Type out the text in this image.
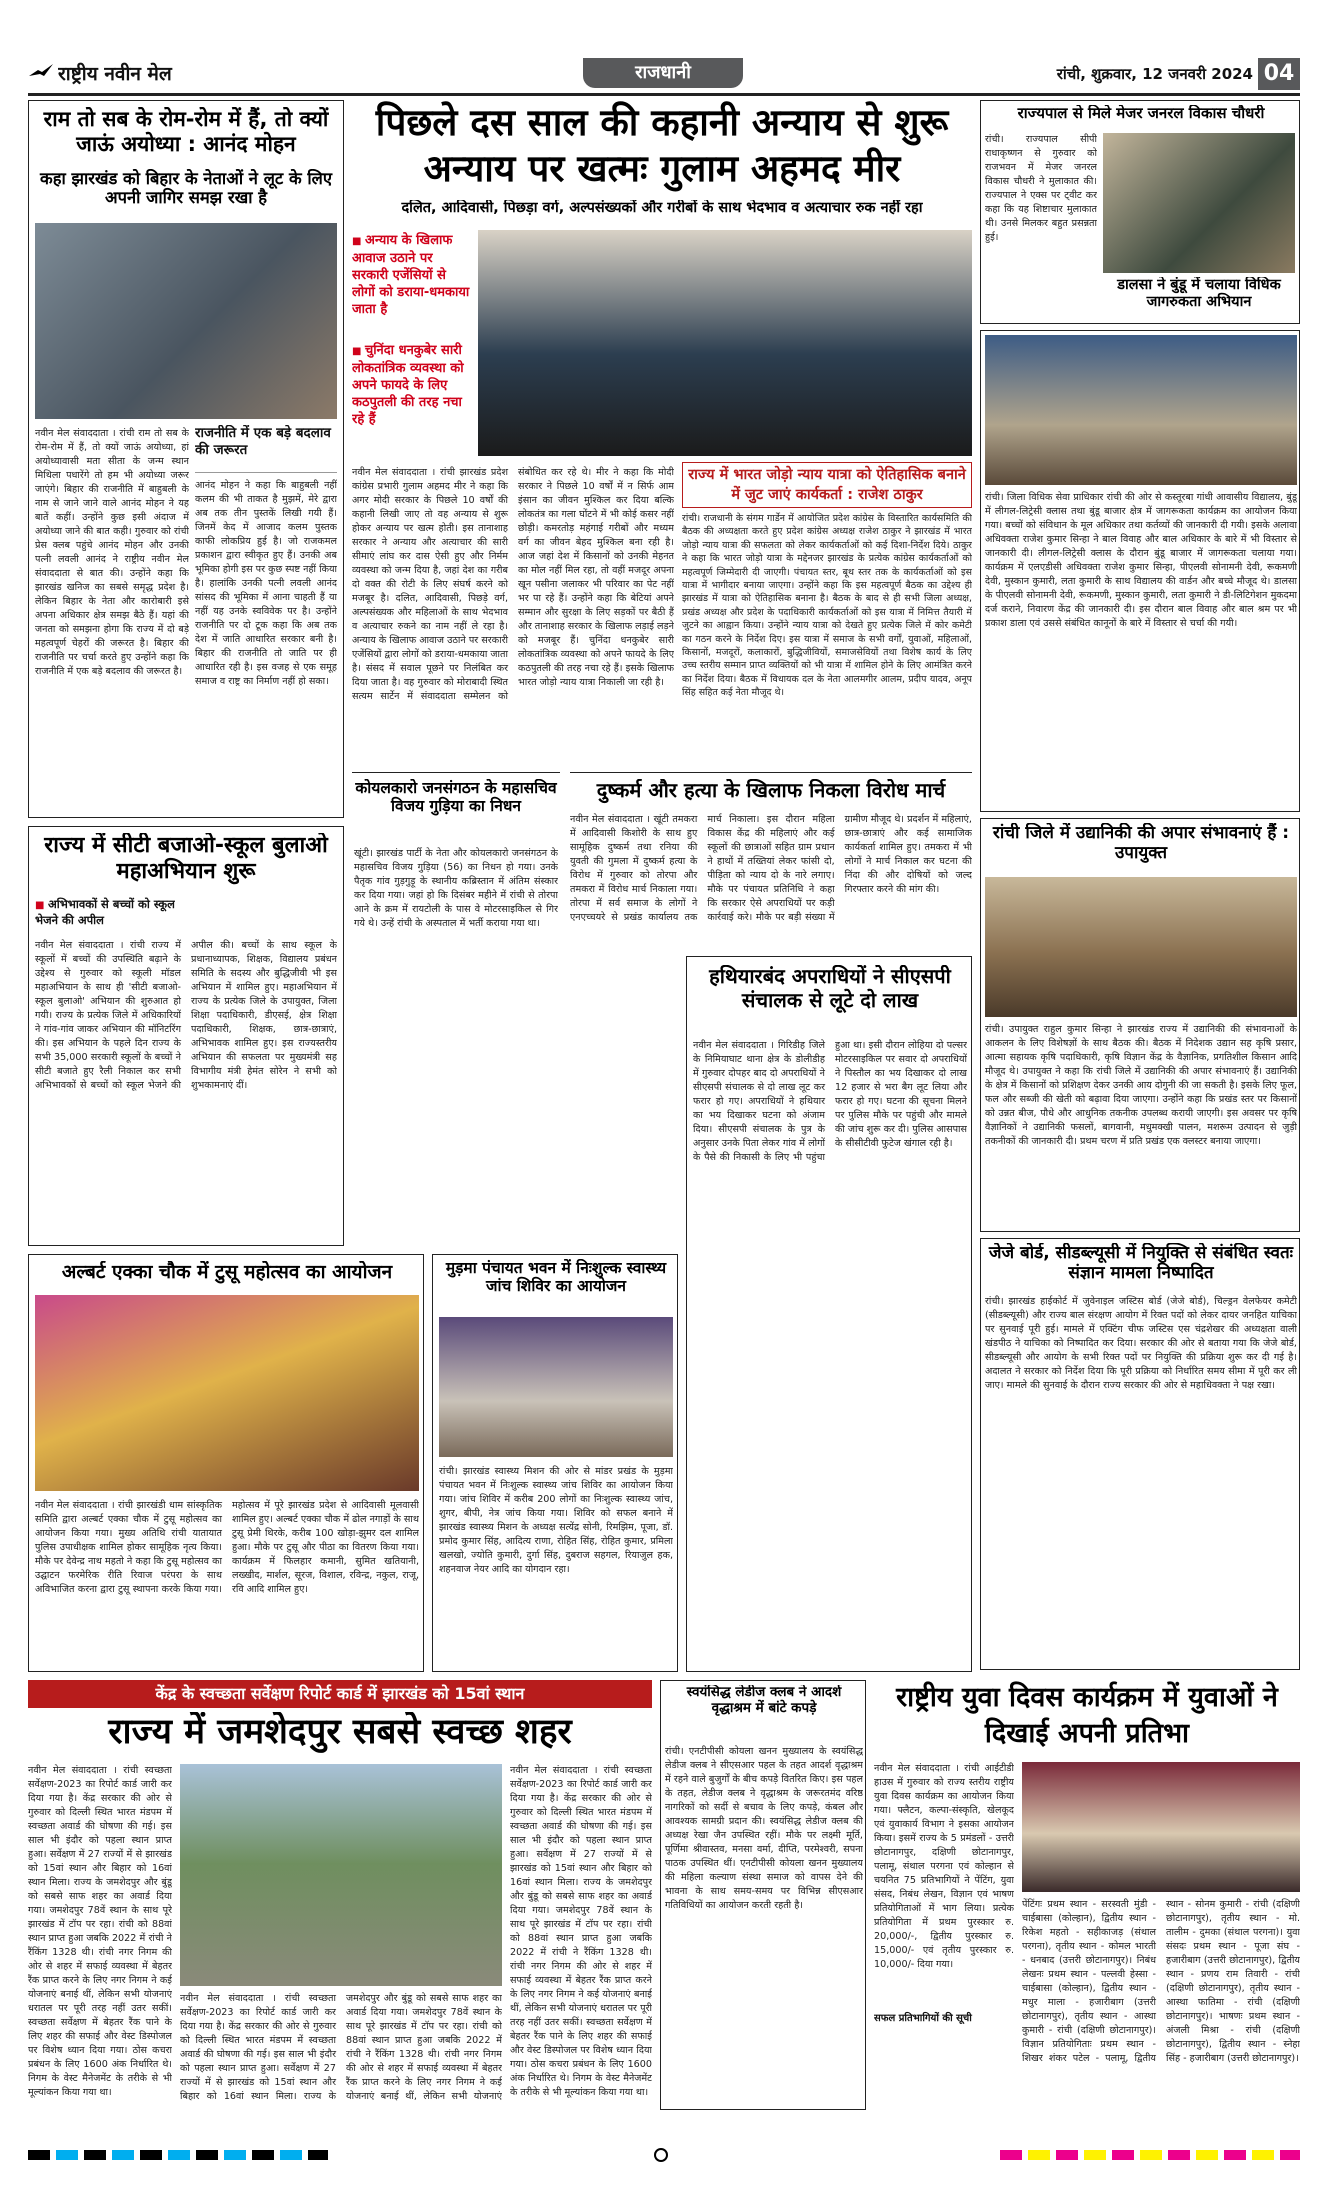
राष्ट्रीय नवीन मेल	राजधानी	रांची, शुक्रवार, 12 जनवरी 2024 04
राम तो सब के रोम-रोम में हैं, तो क्यों जाऊं अयोध्या : आनंद मोहन
कहा झारखंड को बिहार के नेताओं ने लूट के लिए अपनी जागिर समझ रखा है
नवीन मेल संवाददाता । रांची राम तो सब के रोम-रोम में हैं, तो क्यों जाऊं अयोध्या, हां अयोध्यावासी मता सीता के जन्म स्थान मिथिला पधारेंगे तो हम भी अयोध्या जरूर जाएंगे। बिहार की राजनीति में बाहुबली के नाम से जाने जाने वाले आनंद मोहन ने यह बातें कहीं। उन्होंने कुछ इसी अंदाज में अयोध्या जाने की बात कही। गुरुवार को रांची प्रेस क्लब पहुंचे आनंद मोहन और उनकी पत्नी लवली आनंद ने राष्ट्रीय नवीन मेल संवाददाता से बात की। उन्होंने कहा कि झारखंड खनिज का सबसे समृद्ध प्रदेश है। लेकिन बिहार के नेता और कारोबारी इसे अपना अधिकार क्षेत्र समझ बैठे हैं। यहां की जनता को समझना होगा कि राज्य में दो बड़े महत्वपूर्ण चेहरों की जरूरत है। बिहार की राजनीति पर चर्चा करते हुए उन्होंने कहा कि राजनीति में एक बड़े बदलाव की जरूरत है।
राजनीति में एक बड़े बदलाव की जरूरत
आनंद मोहन ने कहा कि बाहुबली नहीं कलम की भी ताकत है मुझमें, मेरे द्वारा अब तक तीन पुस्तकें लिखी गयी हैं। जिनमें केद में आजाद कलम पुस्तक काफी लोकप्रिय हुई है। जो राजकमल प्रकाशन द्वारा स्वीकृत हुए हैं। उनकी अब भूमिका होगी इस पर कुछ स्पष्ट नहीं किया है। हालांकि उनकी पत्नी लवली आनंद सांसद की भूमिका में आना चाहती हैं या नहीं यह उनके स्वविवेक पर है। उन्होंने राजनीति पर दो टूक कहा कि अब तक देश में जाति आधारित सरकार बनी है। बिहार की राजनीति तो जाति पर ही आधारित रही है। इस वजह से एक समूह समाज व राष्ट्र का निर्माण नहीं हो सका।
राज्य में सीटी बजाओ-स्कूल बुलाओ महाअभियान शुरू
■ अभिभावकों से बच्चों को स्कूल भेजने की अपील
नवीन मेल संवाददाता । रांची राज्य में स्कूलों में बच्चों की उपस्थिति बढ़ाने के उद्देश्य से गुरुवार को स्कूली मॉडल महाअभियान के साथ ही 'सीटी बजाओ-स्कूल बुलाओ' अभियान की शुरुआत हो गयी। राज्य के प्रत्येक जिले में अधिकारियों ने गांव-गांव जाकर अभियान की मॉनिटरिंग की। इस अभियान के पहले दिन राज्य के सभी 35,000 सरकारी स्कूलों के बच्चों ने सीटी बजाते हुए रैली निकाल कर सभी अभिभावकों से बच्चों को स्कूल भेजने की अपील की। बच्चों के साथ स्कूल के प्रधानाध्यापक, शिक्षक, विद्यालय प्रबंधन समिति के सदस्य और बुद्धिजीवी भी इस अभियान में शामिल हुए। महाअभियान में राज्य के प्रत्येक जिले के उपायुक्त, जिला शिक्षा पदाधिकारी, डीएसई, क्षेत्र शिक्षा पदाधिकारी, शिक्षक, छात्र-छात्राएं, अभिभावक शामिल हुए। इस राज्यस्तरीय अभियान की सफलता पर मुख्यमंत्री सह विभागीय मंत्री हेमंत सोरेन ने सभी को शुभकामनाएं दीं।
अल्बर्ट एक्का चौक में टुसू महोत्सव का आयोजन
नवीन मेल संवाददाता । रांची झारखंडी धाम सांस्कृतिक समिति द्वारा अल्बर्ट एक्का चौक में टुसू महोत्सव का आयोजन किया गया। मुख्य अतिथि रांची यातायात पुलिस उपाधीक्षक शामिल होकर सामूहिक नृत्य किया। मौके पर देवेन्द्र नाथ महतो ने कहा कि टुसू महोत्सव का उद्घाटन फरमेरिक रीति रिवाज परंपरा के साथ अविभाजित करना द्वारा टुसू स्थापना करके किया गया। महोत्सव में पूरे झारखंड प्रदेश से आदिवासी मूलवासी शामिल हुए। अल्बर्ट एक्का चौक में ढोल नगाड़ों के साथ टुसू प्रेमी थिरके, करीब 100 खोड़ा-झुमर दल शामिल हुआ। मौके पर टुसू और पीठा का वितरण किया गया। कार्यक्रम में फिलहार कमानी, सुमित खतियानी, लख्खीद, मार्शल, सूरज, विशाल, रविन्द्र, नकुल, राजू, रवि आदि शामिल हुए।
पिछले दस साल की कहानी अन्याय से शुरू अन्याय पर खत्मः गुलाम अहमद मीर
दलित, आदिवासी, पिछड़ा वर्ग, अल्पसंख्यकों और गरीबों के साथ भेदभाव व अत्याचार रुक नहीं रहा
■ अन्याय के खिलाफ आवाज उठाने पर सरकारी एजेंसियों से लोगों को डराया-धमकाया जाता है
■ चुनिंदा धनकुबेर सारी लोकतांत्रिक व्यवस्था को अपने फायदे के लिए कठपुतली की तरह नचा रहे हैं
नवीन मेल संवाददाता । रांची झारखंड प्रदेश कांग्रेस प्रभारी गुलाम अहमद मीर ने कहा कि अगर मोदी सरकार के पिछले 10 वर्षों की कहानी लिखी जाए तो वह अन्याय से शुरू होकर अन्याय पर खत्म होती। इस तानाशाह सरकार ने अन्याय और अत्याचार की सारी सीमाएं लांघ कर दास ऐसी हुए और निर्मम व्यवस्था को जन्म दिया है, जहां देश का गरीब दो वक्त की रोटी के लिए संघर्ष करने को मजबूर है। दलित, आदिवासी, पिछड़े वर्ग, अल्पसंख्यक और महिलाओं के साथ भेदभाव व अत्याचार रुकने का नाम नहीं ले रहा है। अन्याय के खिलाफ आवाज उठाने पर सरकारी एजेंसियों द्वारा लोगों को डराया-धमकाया जाता है। संसद में सवाल पूछने पर निलंबित कर दिया जाता है। वह गुरुवार को मोराबादी स्थित सत्यम सार्टेन में संवाददाता सम्मेलन को संबोधित कर रहे थे। मीर ने कहा कि मोदी सरकार ने पिछले 10 वर्षों में न सिर्फ आम इंसान का जीवन मुश्किल कर दिया बल्कि लोकतंत्र का गला घोंटने में भी कोई कसर नहीं छोड़ी। कमरतोड़ महंगाई गरीबों और मध्यम वर्ग का जीवन बेहद मुश्किल बना रही है। आज जहां देश में किसानों को उनकी मेहनत का मोल नहीं मिल रहा, तो वहीं मजदूर अपना खून पसीना जलाकर भी परिवार का पेट नहीं भर पा रहे हैं। उन्होंने कहा कि बेटियां अपने सम्मान और सुरक्षा के लिए सड़कों पर बैठी हैं और तानाशाह सरकार के खिलाफ लड़ाई लड़ने को मजबूर हैं। चुनिंदा धनकुबेर सारी लोकतांत्रिक व्यवस्था को अपने फायदे के लिए कठपुतली की तरह नचा रहे हैं। इसके खिलाफ भारत जोड़ो न्याय यात्रा निकाली जा रही है।
राज्य में भारत जोड़ो न्याय यात्रा को ऐतिहासिक बनाने में जुट जाएं कार्यकर्ता : राजेश ठाकुर
रांची। राजधानी के संगम गार्डेन में आयोजित प्रदेश कांग्रेस के विस्तारित कार्यसमिति की बैठक की अध्यक्षता करते हुए प्रदेश कांग्रेस अध्यक्ष राजेश ठाकुर ने झारखंड में भारत जोड़ो न्याय यात्रा की सफलता को लेकर कार्यकर्ताओं को कई दिशा-निर्देश दिये। ठाकुर ने कहा कि भारत जोड़ो यात्रा के मद्देनजर झारखंड के प्रत्येक कांग्रेस कार्यकर्ताओं को महत्वपूर्ण जिम्मेदारी दी जाएगी। पंचायत स्तर, बूथ स्तर तक के कार्यकर्ताओं को इस यात्रा में भागीदार बनाया जाएगा। उन्होंने कहा कि इस महत्वपूर्ण बैठक का उद्देश्य ही झारखंड में यात्रा को ऐतिहासिक बनाना है। बैठक के बाद से ही सभी जिला अध्यक्ष, प्रखंड अध्यक्ष और प्रदेश के पदाधिकारी कार्यकर्ताओं को इस यात्रा में निमित्त तैयारी में जुटने का आह्वान किया। उन्होंने न्याय यात्रा को देखते हुए प्रत्येक जिले में कोर कमेटी का गठन करने के निर्देश दिए। इस यात्रा में समाज के सभी वर्गों, युवाओं, महिलाओं, किसानों, मजदूरों, कलाकारों, बुद्धिजीवियों, समाजसेवियों तथा विशेष कार्य के लिए उच्च स्तरीय सम्मान प्राप्त व्यक्तियों को भी यात्रा में शामिल होने के लिए आमंत्रित करने का निर्देश दिया। बैठक में विधायक दल के नेता आलमगीर आलम, प्रदीप यादव, अनूप सिंह सहित कई नेता मौजूद थे।
कोयलकारो जनसंगठन के महासचिव विजय गुड़िया का निधन
खूंटी। झारखंड पार्टी के नेता और कोयलकारो जनसंगठन के महासचिव विजय गुड़िया (56) का निधन हो गया। उनके पैतृक गांव गुड़गुड़ू के स्थानीय कब्रिस्तान में अंतिम संस्कार कर दिया गया। जहां हो कि दिसंबर महीने में रांची से तोरपा आने के क्रम में रायटोली के पास वे मोटरसाइकिल से गिर गये थे। उन्हें रांची के अस्पताल में भर्ती कराया गया था।
दुष्कर्म और हत्या के खिलाफ निकला विरोध मार्च
नवीन मेल संवाददाता । खूंटी तमकरा में आदिवासी किशोरी के साथ हुए सामूहिक दुष्कर्म तथा रनिया की युवती की गुमला में दुष्कर्म हत्या के विरोध में गुरुवार को तोरपा और तमकरा में विरोध मार्च निकाला गया। तोरपा में सर्व समाज के लोगों ने एनएच्चयरे से प्रखंड कार्यालय तक मार्च निकाला। इस दौरान महिला विकास केंद्र की महिलाएं और कई स्कूलों की छात्राओं सहित ग्राम प्रधान ने हाथों में तख्तियां लेकर फांसी दो, पीड़िता को न्याय दो के नारे लगाए। मौके पर पंचायत प्रतिनिधि ने कहा कि सरकार ऐसे अपराधियों पर कड़ी कार्रवाई करे। मौके पर बड़ी संख्या में ग्रामीण मौजूद थे। प्रदर्शन में महिलाएं, छात्र-छात्राएं और कई सामाजिक कार्यकर्ता शामिल हुए। तमकरा में भी लोगों ने मार्च निकाल कर घटना की निंदा की और दोषियों को जल्द गिरफ्तार करने की मांग की।
मुड़मा पंचायत भवन में निःशुल्क स्वास्थ्य जांच शिविर का आयोजन
रांची। झारखंड स्वास्थ्य मिशन की ओर से मांडर प्रखंड के मुड़मा पंचायत भवन में निःशुल्क स्वास्थ्य जांच शिविर का आयोजन किया गया। जांच शिविर में करीब 200 लोगों का निःशुल्क स्वास्थ्य जांच, शुगर, बीपी, नेत्र जांच किया गया। शिविर को सफल बनाने में झारखंड स्वास्थ्य मिशन के अध्यक्ष सत्येंद्र सोनी, रिमझिम, पूजा, डॉ. प्रमोद कुमार सिंह, आदित्य राणा, रोहित सिंह, रोहित कुमार, प्रमिला खलखो, ज्योति कुमारी, दुर्गा सिंह, दुबराज सहगल, रियाजुल हक, शहनवाज नेयर आदि का योगदान रहा।
हथियारबंद अपराधियों ने सीएसपी संचालक से लूटे दो लाख
नवीन मेल संवाददाता । गिरिडीह जिले के निमियाघाट थाना क्षेत्र के डोलीडीह में गुरुवार दोपहर बाद दो अपराधियों ने सीएसपी संचालक से दो लाख लूट कर फरार हो गए। अपराधियों ने हथियार का भय दिखाकर घटना को अंजाम दिया। सीएसपी संचालक के पुत्र के अनुसार उनके पिता लेकर गांव में लोगों के पैसे की निकासी के लिए भी पहुंचा हुआ था। इसी दौरान लोहिया दो पल्सर मोटरसाइकिल पर सवार दो अपराधियों ने पिस्तौल का भय दिखाकर दो लाख 12 हजार से भरा बैग लूट लिया और फरार हो गए। घटना की सूचना मिलने पर पुलिस मौके पर पहुंची और मामले की जांच शुरू कर दी। पुलिस आसपास के सीसीटीवी फुटेज खंगाल रही है।
राज्यपाल से मिले मेजर जनरल विकास चौधरी
रांची। राज्यपाल सीपी राधाकृष्णन से गुरुवार को राजभवन में मेजर जनरल विकास चौधरी ने मुलाकात की। राज्यपाल ने एक्स पर ट्वीट कर कहा कि यह शिष्टाचार मुलाकात थी। उनसे मिलकर बहुत प्रसन्नता हुई।
डालसा ने बुंडू में चलाया विधिक जागरुकता अभियान
रांची। जिला विधिक सेवा प्राधिकार रांची की ओर से कस्तूरबा गांधी आवासीय विद्यालय, बुंडू में लीगल-लिट्रेसी क्लास तथा बुंडू बाजार क्षेत्र में जागरूकता कार्यक्रम का आयोजन किया गया। बच्चों को संविधान के मूल अधिकार तथा कर्तव्यों की जानकारी दी गयी। इसके अलावा अधिवक्ता राजेश कुमार सिन्हा ने बाल विवाह और बाल अधिकार के बारे में भी विस्तार से जानकारी दी। लीगल-लिट्रेसी क्लास के दौरान बुंडू बाजार में जागरूकता चलाया गया। कार्यक्रम में एलएडीसी अधिवक्ता राजेश कुमार सिन्हा, पीएलवी सोनामनी देवी, रूकमणी देवी, मुस्कान कुमारी, लता कुमारी के साथ विद्यालय की वार्डन और बच्चे मौजूद थे। डालसा के पीएलवी सोनामनी देवी, रूकमणी, मुस्कान कुमारी, लता कुमारी ने डी-लिटिगेशन मुकदमा दर्ज कराने, निवारण केंद्र की जानकारी दी। इस दौरान बाल विवाह और बाल श्रम पर भी प्रकाश डाला एवं उससे संबंधित कानूनों के बारे में विस्तार से चर्चा की गयी।
रांची जिले में उद्यानिकी की अपार संभावनाएं हैं : उपायुक्त
रांची। उपायुक्त राहुल कुमार सिन्हा ने झारखंड राज्य में उद्यानिकी की संभावनाओं के आकलन के लिए विशेषज्ञों के साथ बैठक की। बैठक में निदेशक उद्यान सह कृषि प्रसार, आत्मा सहायक कृषि पदाधिकारी, कृषि विज्ञान केंद्र के वैज्ञानिक, प्रगतिशील किसान आदि मौजूद थे। उपायुक्त ने कहा कि रांची जिले में उद्यानिकी की अपार संभावनाएं हैं। उद्यानिकी के क्षेत्र में किसानों को प्रशिक्षण देकर उनकी आय दोगुनी की जा सकती है। इसके लिए फूल, फल और सब्जी की खेती को बढ़ावा दिया जाएगा। उन्होंने कहा कि प्रखंड स्तर पर किसानों को उन्नत बीज, पौधे और आधुनिक तकनीक उपलब्ध करायी जाएगी। इस अवसर पर कृषि वैज्ञानिकों ने उद्यानिकी फसलों, बागवानी, मधुमक्खी पालन, मशरूम उत्पादन से जुड़ी तकनीकों की जानकारी दी। प्रथम चरण में प्रति प्रखंड एक क्लस्टर बनाया जाएगा।
जेजे बोर्ड, सीडब्ल्यूसी में नियुक्ति से संबंधित स्वतः संज्ञान मामला निष्पादित
रांची। झारखंड हाईकोर्ट में जुवेनाइल जस्टिस बोर्ड (जेजे बोर्ड), चिल्ड्रन वेलफेयर कमेटी (सीडब्ल्यूसी) और राज्य बाल संरक्षण आयोग में रिक्त पदों को लेकर दायर जनहित याचिका पर सुनवाई पूरी हुई। मामले में एक्टिंग चीफ जस्टिस एस चंद्रशेखर की अध्यक्षता वाली खंडपीठ ने याचिका को निष्पादित कर दिया। सरकार की ओर से बताया गया कि जेजे बोर्ड, सीडब्ल्यूसी और आयोग के सभी रिक्त पदों पर नियुक्ति की प्रक्रिया शुरू कर दी गई है। अदालत ने सरकार को निर्देश दिया कि पूरी प्रक्रिया को निर्धारित समय सीमा में पूरी कर ली जाए। मामले की सुनवाई के दौरान राज्य सरकार की ओर से महाधिवक्ता ने पक्ष रखा।
केंद्र के स्वच्छता सर्वेक्षण रिपोर्ट कार्ड में झारखंड को 15वां स्थान
राज्य में जमशेदपुर सबसे स्वच्छ शहर
नवीन मेल संवाददाता । रांची स्वच्छता सर्वेक्षण-2023 का रिपोर्ट कार्ड जारी कर दिया गया है। केंद्र सरकार की ओर से गुरुवार को दिल्ली स्थित भारत मंडपम में स्वच्छता अवार्ड की घोषणा की गई। इस साल भी इंदौर को पहला स्थान प्राप्त हुआ। सर्वेक्षण में 27 राज्यों में से झारखंड को 15वां स्थान और बिहार को 16वां स्थान मिला। राज्य के जमशेदपुर और बुंडू को सबसे साफ शहर का अवार्ड दिया गया। जमशेदपुर 78वें स्थान के साथ पूरे झारखंड में टॉप पर रहा। रांची को 88वां स्थान प्राप्त हुआ जबकि 2022 में रांची ने रैंकिंग 1328 थी। रांची नगर निगम की ओर से शहर में सफाई व्यवस्था में बेहतर रैंक प्राप्त करने के लिए नगर निगम ने कई योजनाएं बनाई थीं, लेकिन सभी योजनाएं धरातल पर पूरी तरह नहीं उतर सकीं। स्वच्छता सर्वेक्षण में बेहतर रैंक पाने के लिए शहर की सफाई और वेस्ट डिस्पोजल पर विशेष ध्यान दिया गया। ठोस कचरा प्रबंधन के लिए 1600 अंक निर्धारित थे। निगम के वेस्ट मैनेजमेंट के तरीके से भी मूल्यांकन किया गया था।
नवीन मेल संवाददाता । रांची स्वच्छता सर्वेक्षण-2023 का रिपोर्ट कार्ड जारी कर दिया गया है। केंद्र सरकार की ओर से गुरुवार को दिल्ली स्थित भारत मंडपम में स्वच्छता अवार्ड की घोषणा की गई। इस साल भी इंदौर को पहला स्थान प्राप्त हुआ। सर्वेक्षण में 27 राज्यों में से झारखंड को 15वां स्थान और बिहार को 16वां स्थान मिला। राज्य के जमशेदपुर और बुंडू को सबसे साफ शहर का अवार्ड दिया गया। जमशेदपुर 78वें स्थान के साथ पूरे झारखंड में टॉप पर रहा। रांची को 88वां स्थान प्राप्त हुआ जबकि 2022 में रांची ने रैंकिंग 1328 थी। रांची नगर निगम की ओर से शहर में सफाई व्यवस्था में बेहतर रैंक प्राप्त करने के लिए नगर निगम ने कई योजनाएं बनाई थीं, लेकिन सभी योजनाएं धरातल पर पूरी तरह नहीं उतर सकीं। स्वच्छता सर्वेक्षण में बेहतर रैंक पाने के लिए शहर की सफाई और वेस्ट डिस्पोजल पर विशेष ध्यान दिया गया। ठोस कचरा प्रबंधन के लिए 1600 अंक निर्धारित थे। निगम के वेस्ट मैनेजमेंट के तरीके से भी मूल्यांकन किया गया था।
नवीन मेल संवाददाता । रांची स्वच्छता सर्वेक्षण-2023 का रिपोर्ट कार्ड जारी कर दिया गया है। केंद्र सरकार की ओर से गुरुवार को दिल्ली स्थित भारत मंडपम में स्वच्छता अवार्ड की घोषणा की गई। इस साल भी इंदौर को पहला स्थान प्राप्त हुआ। सर्वेक्षण में 27 राज्यों में से झारखंड को 15वां स्थान और बिहार को 16वां स्थान मिला। राज्य के जमशेदपुर और बुंडू को सबसे साफ शहर का अवार्ड दिया गया। जमशेदपुर 78वें स्थान के साथ पूरे झारखंड में टॉप पर रहा। रांची को 88वां स्थान प्राप्त हुआ जबकि 2022 में रांची ने रैंकिंग 1328 थी। रांची नगर निगम की ओर से शहर में सफाई व्यवस्था में बेहतर रैंक प्राप्त करने के लिए नगर निगम ने कई योजनाएं बनाई थीं, लेकिन सभी योजनाएं
स्वयंसिद्ध लेडीज क्लब ने आदर्श वृद्धाश्रम में बांटे कपड़े
रांची। एनटीपीसी कोयला खनन मुख्यालय के स्वयंसिद्ध लेडीज क्लब ने सीएसआर पहल के तहत आदर्श वृद्धाश्रम में रहने वाले बुजुर्गों के बीच कपड़े वितरित किए। इस पहल के तहत, लेडीज क्लब ने वृद्धाश्रम के जरूरतमंद वरिष्ठ नागरिकों को सर्दी से बचाव के लिए कपड़े, कंबल और आवश्यक सामग्री प्रदान की। स्वयंसिद्ध लेडीज क्लब की अध्यक्ष रेखा जैन उपस्थित रहीं। मौके पर लक्ष्मी मूर्ति, पूर्णिमा श्रीवास्तव, मनसा वर्मा, दीप्ति, परमेश्वरी, सपना पाठक उपस्थित थीं। एनटीपीसी कोयला खनन मुख्यालय की महिला कल्याण संस्था समाज को वापस देने की भावना के साथ समय-समय पर विभिन्न सीएसआर गतिविधियों का आयोजन करती रहती है।
राष्ट्रीय युवा दिवस कार्यक्रम में युवाओं ने दिखाई अपनी प्रतिभा
नवीन मेल संवाददाता । रांची आईटीडी हाउस में गुरुवार को राज्य स्तरीय राष्ट्रीय युवा दिवस कार्यक्रम का आयोजन किया गया। फ्लैटन, कल्पा-संस्कृति, खेलकूद एवं युवाकार्य विभाग ने इसका आयोजन किया। इसमें राज्य के 5 प्रमंडलों - उत्तरी छोटानागपुर, दक्षिणी छोटानागपुर, पलामू, संथाल परगना एवं कोल्हान से चयनित 75 प्रतिभागियों ने पेंटिंग, युवा संसद, निबंध लेखन, विज्ञान एवं भाषण प्रतियोगिताओं में भाग लिया। प्रत्येक प्रतियोगिता में प्रथम पुरस्कार रु. 20,000/-, द्वितीय पुरस्कार रु. 15,000/- एवं तृतीय पुरस्कार रु. 10,000/- दिया गया।
सफल प्रतिभागियों की सूची
पेंटिंगः प्रथम स्थान - सरस्वती मुंडी - चाईबासा (कोल्हान), द्वितीय स्थान - रिकेश महतो - सहीकाजड़ (संथाल परगना), तृतीय स्थान - कोमल भारती - धनबाद (उत्तरी छोटानागपुर)। निबंध लेखनः प्रथम स्थान - पल्लवी हेस्सा - चाईबासा (कोल्हान), द्वितीय स्थान - मधुर माला - हजारीबाग (उत्तरी छोटानागपुर), तृतीय स्थान - आस्था कुमारी - रांची (दक्षिणी छोटानागपुर)। विज्ञान प्रतियोगिताः प्रथम स्थान - शिखर शंकर पटेल - पलामू, द्वितीय स्थान - सोनम कुमारी - रांची (दक्षिणी छोटानागपुर), तृतीय स्थान - मो. तालीम - दुमका (संथाल परगना)। युवा संसदः प्रथम स्थान - पूजा संघ - हजारीबाग (उत्तरी छोटानागपुर), द्वितीय स्थान - प्रणय राम तिवारी - रांची (दक्षिणी छोटानागपुर), तृतीय स्थान - आस्था फातिमा - रांची (दक्षिणी छोटानागपुर)। भाषणः प्रथम स्थान - अंजली मिश्रा - रांची (दक्षिणी छोटानागपुर), द्वितीय स्थान - स्नेहा सिंह - हजारीबाग (उत्तरी छोटानागपुर)।
